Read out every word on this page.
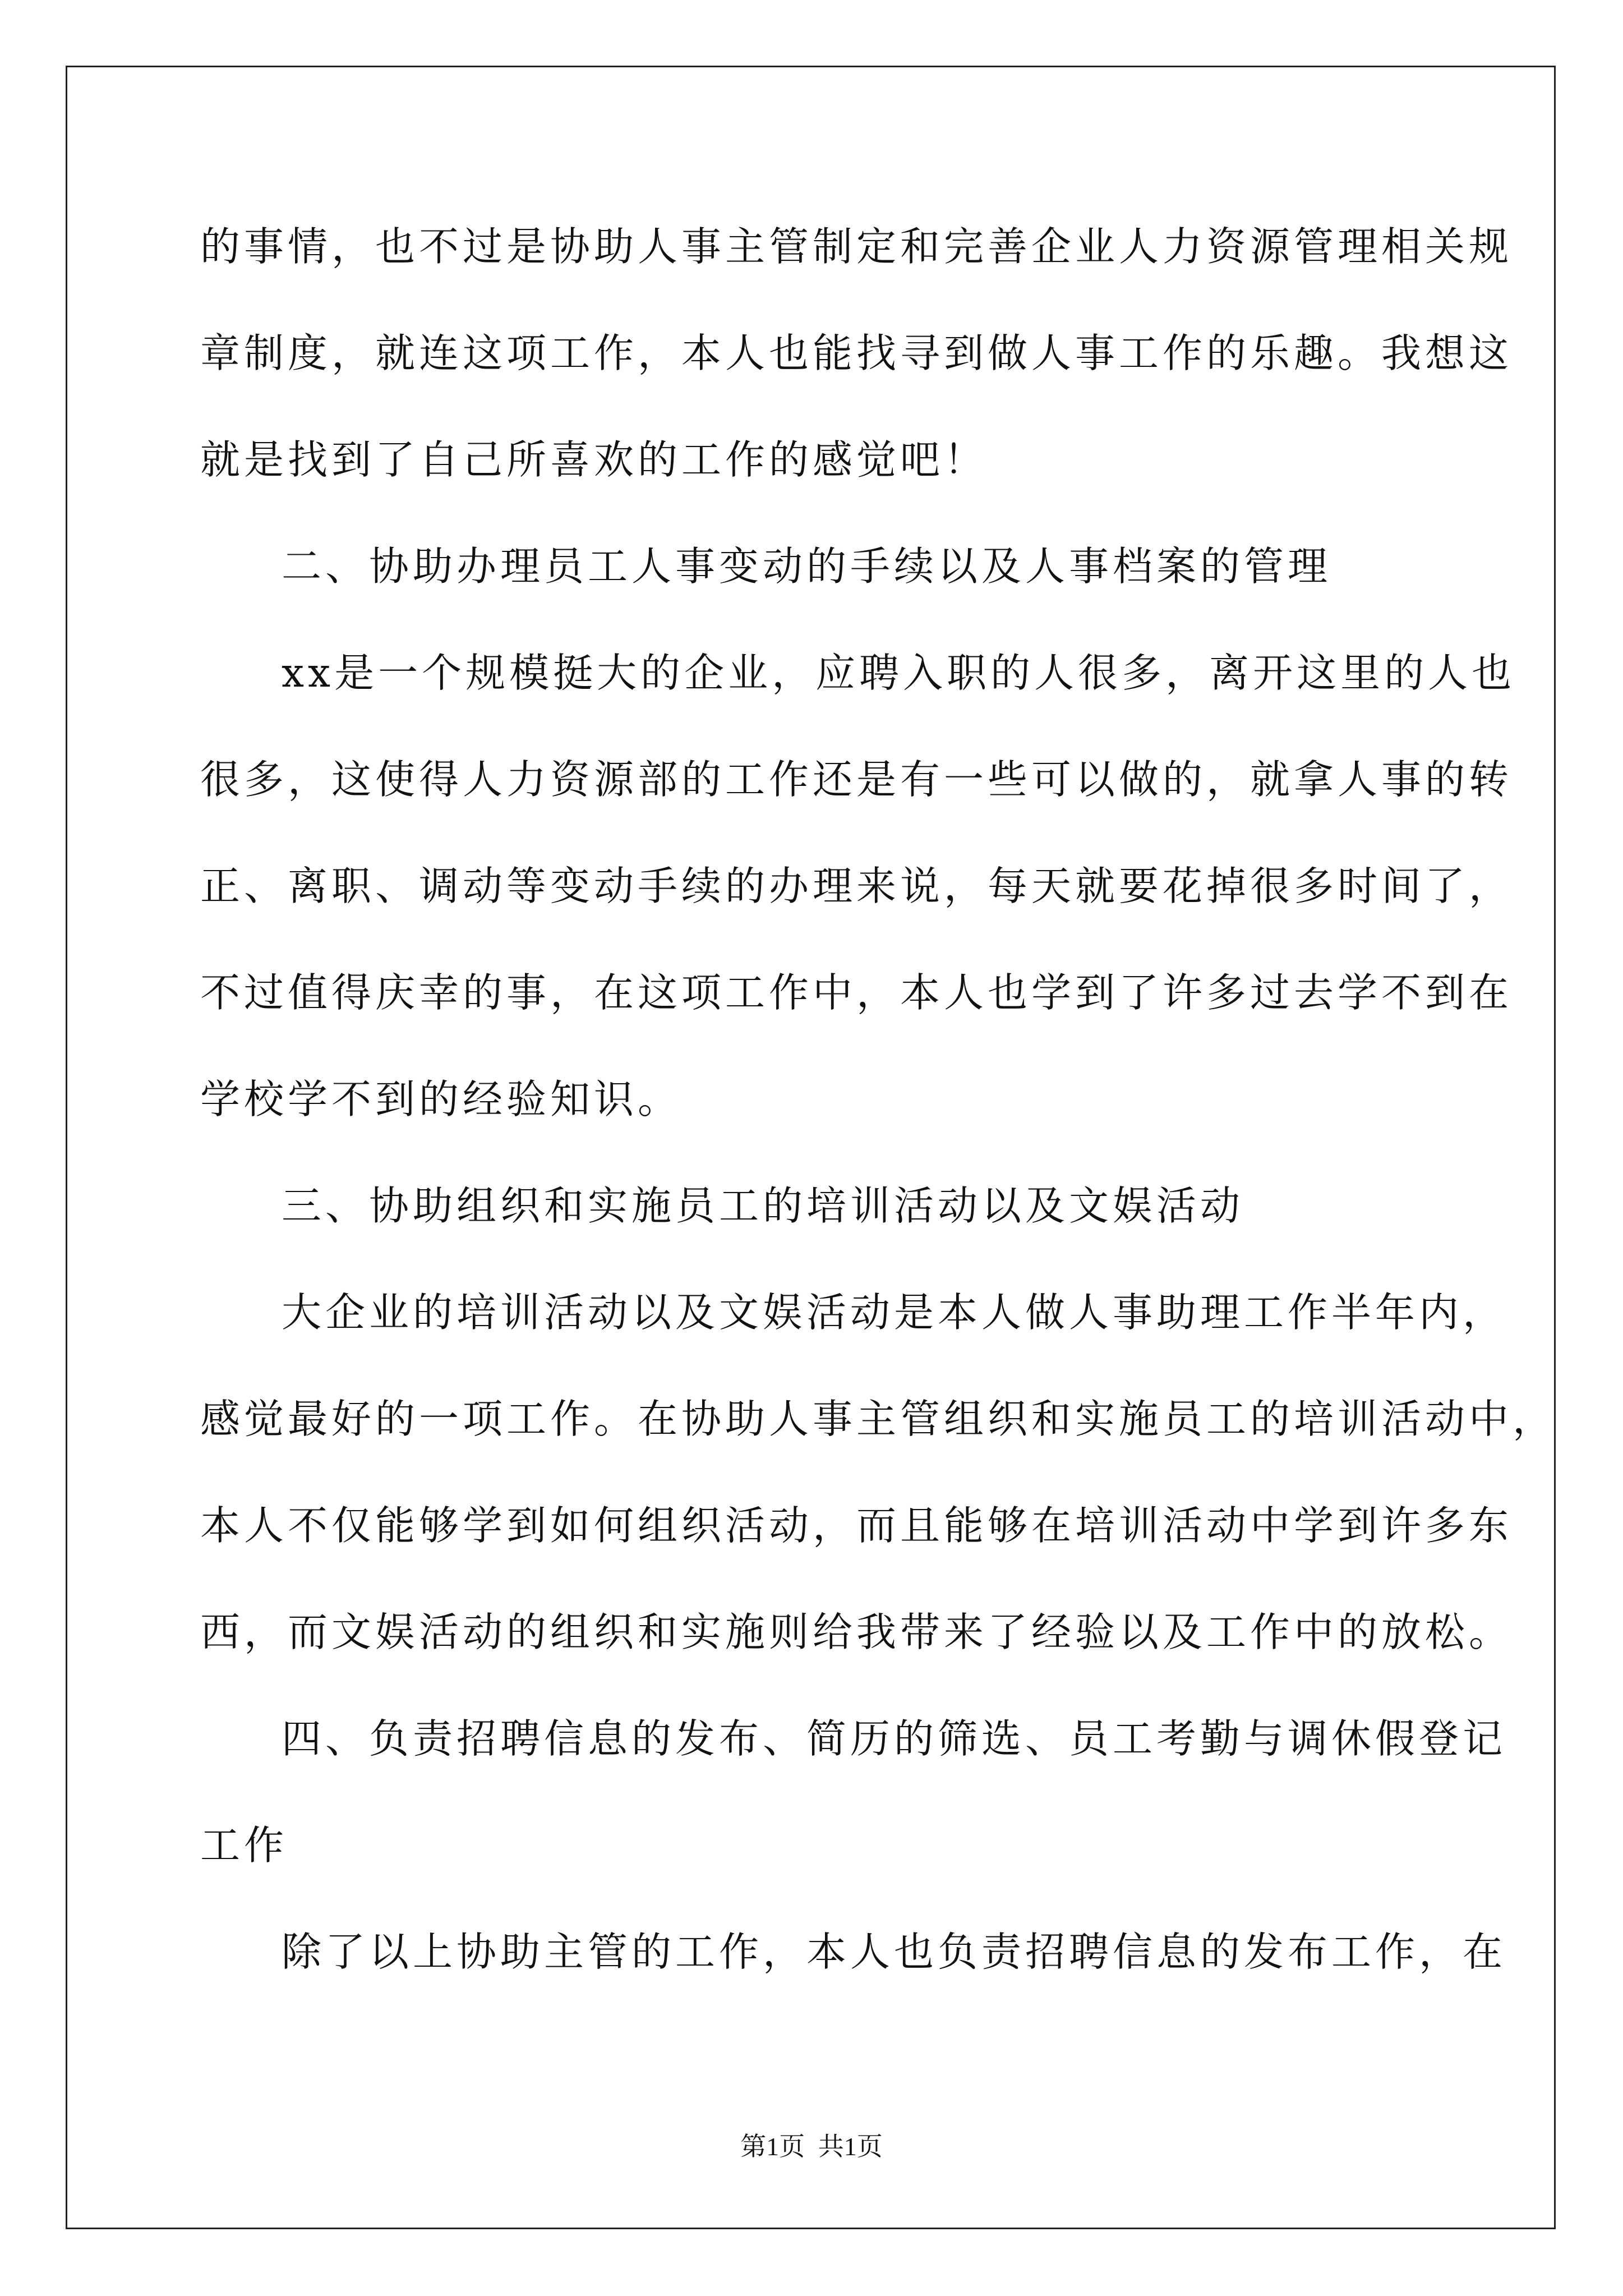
的事情，也不过是协助人事主管制定和完善企业人力资源管理相关规
章制度，就连这项工作，本人也能找寻到做人事工作的乐趣。我想这
就是找到了自己所喜欢的工作的感觉吧！
二、协助办理员工人事变动的手续以及人事档案的管理
xx是一个规模挺大的企业，应聘入职的人很多，离开这里的人也
很多，这使得人力资源部的工作还是有一些可以做的，就拿人事的转
正、离职、调动等变动手续的办理来说，每天就要花掉很多时间了，
不过值得庆幸的事，在这项工作中，本人也学到了许多过去学不到在
学校学不到的经验知识。
三、协助组织和实施员工的培训活动以及文娱活动
大企业的培训活动以及文娱活动是本人做人事助理工作半年内，
感觉最好的一项工作。在协助人事主管组织和实施员工的培训活动中，
本人不仅能够学到如何组织活动，而且能够在培训活动中学到许多东
西，而文娱活动的组织和实施则给我带来了经验以及工作中的放松。
四、负责招聘信息的发布、简历的筛选、员工考勤与调休假登记
工作
除了以上协助主管的工作，本人也负责招聘信息的发布工作，在
第1页 共1页
